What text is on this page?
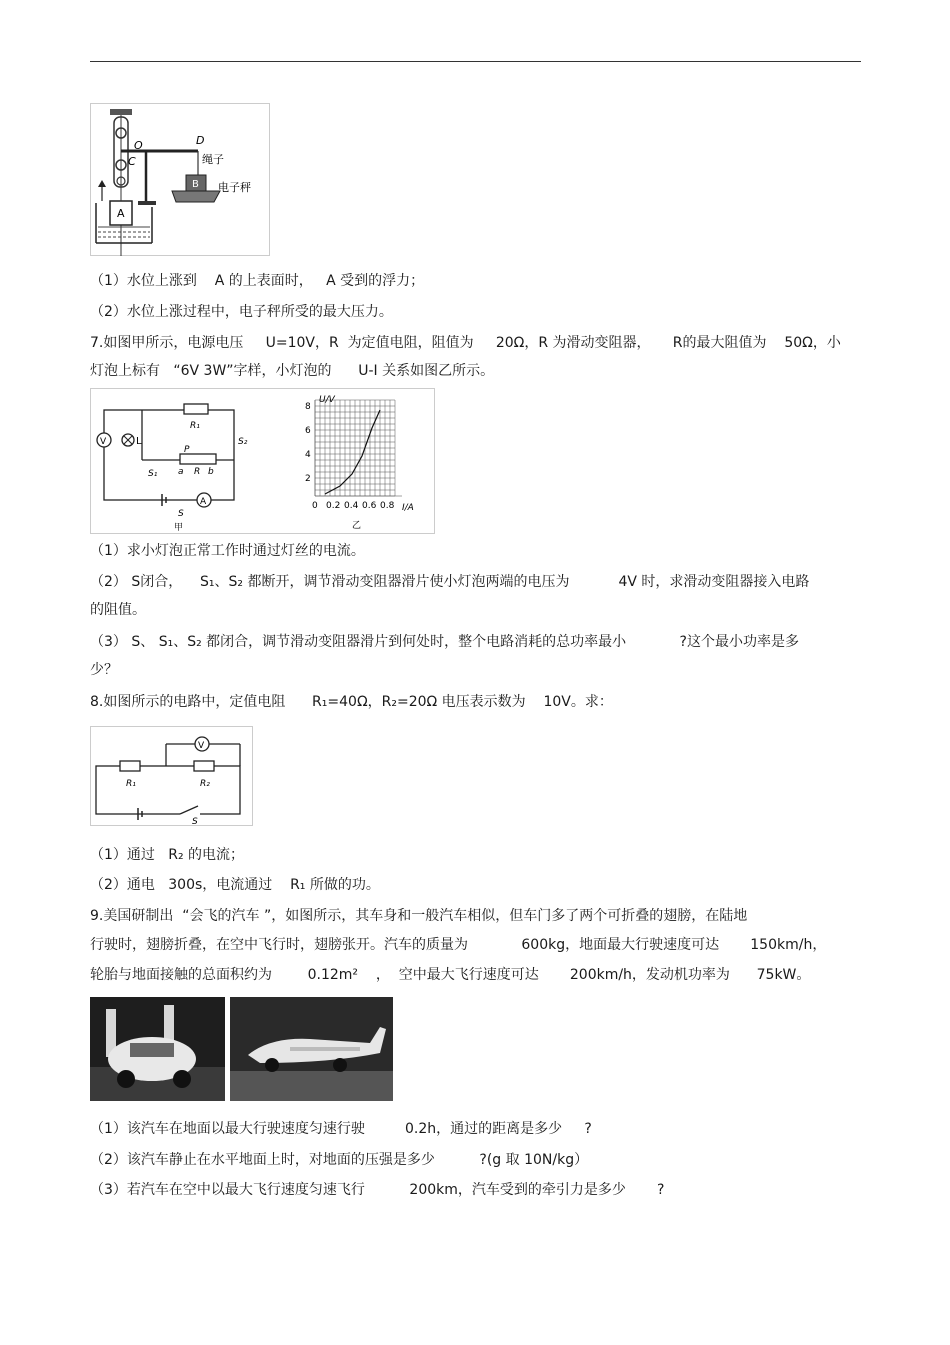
O	D
C	绳子
B 电子秤
A
（1）水位上涨到    A 的上表面时，   A 受到的浮力；
（2）水位上涨过程中，电子秤所受的最大压力。
7.如图甲所示，电源电压     U=10V，R  为定值电阻，阻值为     20Ω，R 为滑动变阻器，     R的最大阻值为    50Ω，小
灯泡上标有   “6V 3W”字样，小灯泡的      U-I 关系如图乙所示。
V	L
R₁
S₂
P
a R b
S₁
A
S
甲
U/V
I/A
8
6
4
2
0 0.2 0.4 0.6 0.8
乙
（1）求小灯泡正常工作时通过灯丝的电流。
（2） S闭合，    S₁、S₂ 都断开，调节滑动变阻器滑片使小灯泡两端的电压为           4V 时，求滑动变阻器接入电路
的阻值。
（3） S、 S₁、S₂ 都闭合，调节滑动变阻器滑片到何处时，整个电路消耗的总功率最小            ?这个最小功率是多
少？
8.如图所示的电路中，定值电阻      R₁=40Ω，R₂=20Ω 电压表示数为    10V。求：
V
R₁	R₂
S
（1）通过   R₂ 的电流；
（2）通电   300s，电流通过    R₁ 所做的功。
9.美国研制出  “会飞的汽车 ”，如图所示，其车身和一般汽车相似，但车门多了两个可折叠的翅膀，在陆地
行驶时，翅膀折叠，在空中飞行时，翅膀张开。汽车的质量为            600kg，地面最大行驶速度可达       150km/h，
轮胎与地面接触的总面积约为        0.12m²    ，  空中最大飞行速度可达       200km/h，发动机功率为      75kW。
（1）该汽车在地面以最大行驶速度匀速行驶         0.2h，通过的距离是多少     ?
（2）该汽车静止在水平地面上时，对地面的压强是多少          ?(g 取 10N/kg）
（3）若汽车在空中以最大飞行速度匀速飞行          200km，汽车受到的牵引力是多少       ?
